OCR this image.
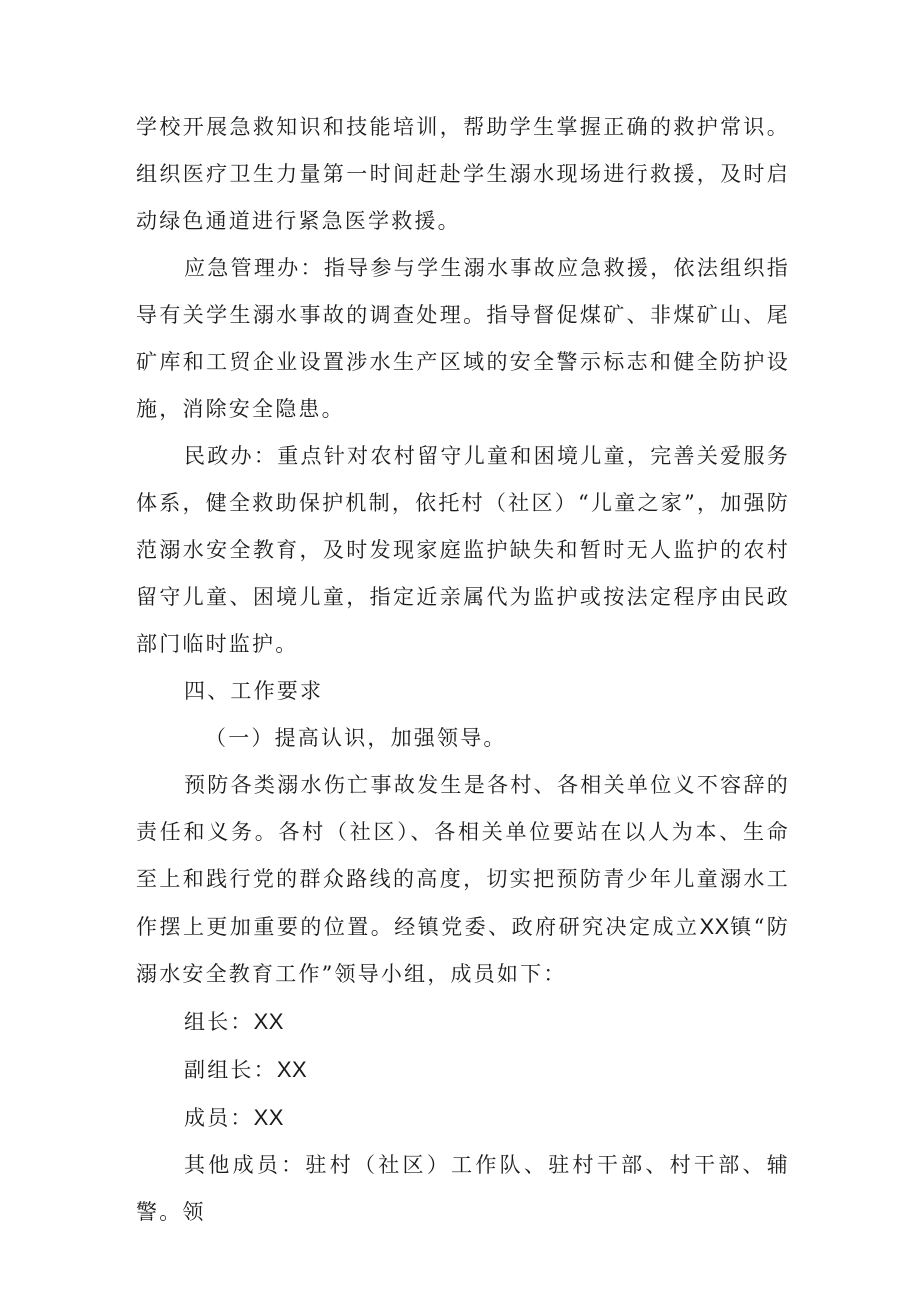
学校开展急救知识和技能培训，帮助学生掌握正确的救护常识。组织医疗卫生力量第一时间赶赴学生溺水现场进行救援，及时启动绿色通道进行紧急医学救援。

应急管理办：指导参与学生溺水事故应急救援，依法组织指导有关学生溺水事故的调查处理。指导督促煤矿、非煤矿山、尾矿库和工贸企业设置涉水生产区域的安全警示标志和健全防护设施，消除安全隐患。

民政办：重点针对农村留守儿童和困境儿童，完善关爱服务体系，健全救助保护机制，依托村（社区）“儿童之家”，加强防范溺水安全教育，及时发现家庭监护缺失和暂时无人监护的农村留守儿童、困境儿童，指定近亲属代为监护或按法定程序由民政部门临时监护。

四、工作要求

（一）提高认识，加强领导。

预防各类溺水伤亡事故发生是各村、各相关单位义不容辞的责任和义务。各村（社区）、各相关单位要站在以人为本、生命至上和践行党的群众路线的高度，切实把预防青少年儿童溺水工作摆上更加重要的位置。经镇党委、政府研究决定成立XX镇“防溺水安全教育工作”领导小组，成员如下：

组长：XX

副组长：XX

成员：XX

其他成员：驻村（社区）工作队、驻村干部、村干部、辅警。领
